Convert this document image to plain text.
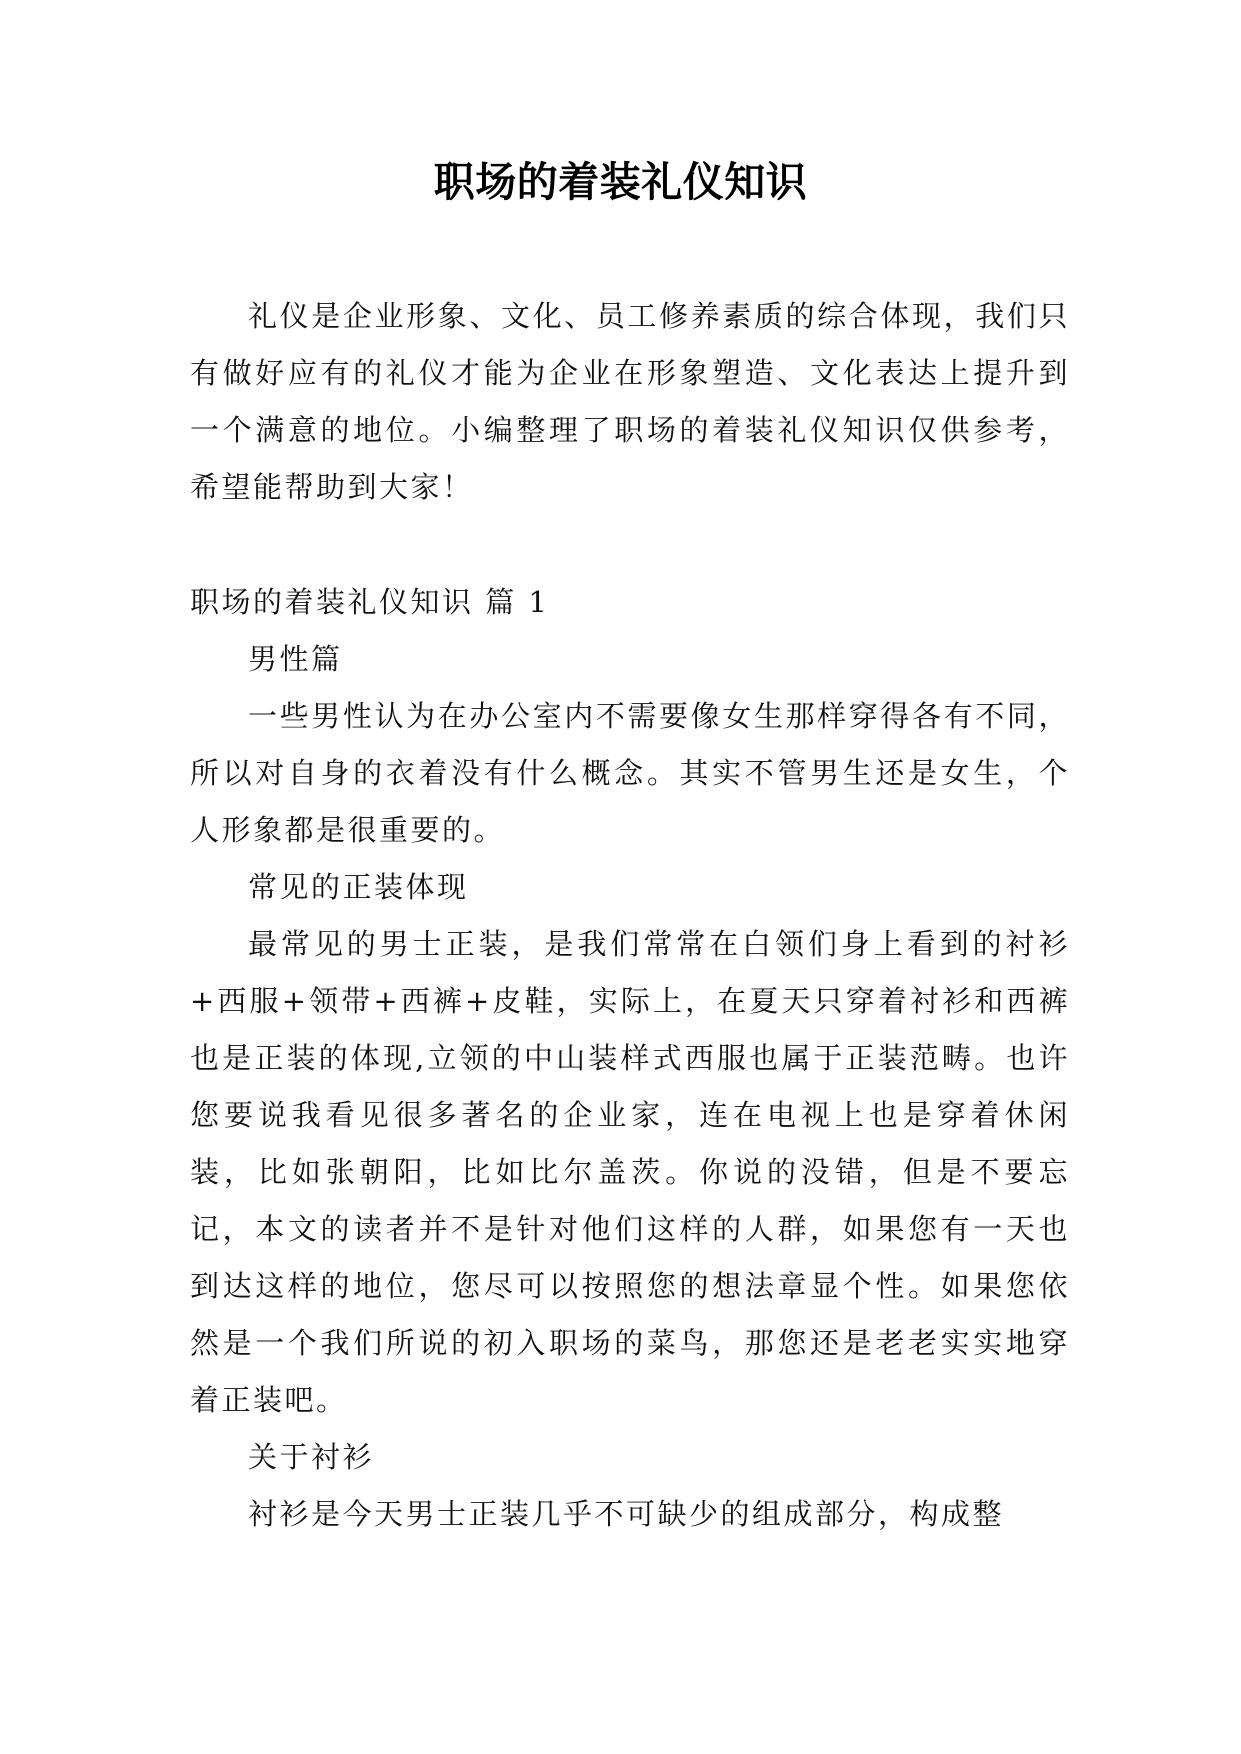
职场的着装礼仪知识

礼仪是企业形象、文化、员工修养素质的综合体现，我们只有做好应有的礼仪才能为企业在形象塑造、文化表达上提升到一个满意的地位。小编整理了职场的着装礼仪知识仅供参考，希望能帮助到大家！

职场的着装礼仪知识 篇 1

男性篇

一些男性认为在办公室内不需要像女生那样穿得各有不同，所以对自身的衣着没有什么概念。其实不管男生还是女生，个人形象都是很重要的。

常见的正装体现

最常见的男士正装，是我们常常在白领们身上看到的衬衫+西服+领带+西裤+皮鞋，实际上，在夏天只穿着衬衫和西裤也是正装的体现,立领的中山装样式西服也属于正装范畴。也许您要说我看见很多著名的企业家，连在电视上也是穿着休闲装，比如张朝阳，比如比尔盖茨。你说的没错，但是不要忘记，本文的读者并不是针对他们这样的人群，如果您有一天也到达这样的地位，您尽可以按照您的想法章显个性。如果您依然是一个我们所说的初入职场的菜鸟，那您还是老老实实地穿着正装吧。

关于衬衫

衬衫是今天男士正装几乎不可缺少的组成部分，构成整
